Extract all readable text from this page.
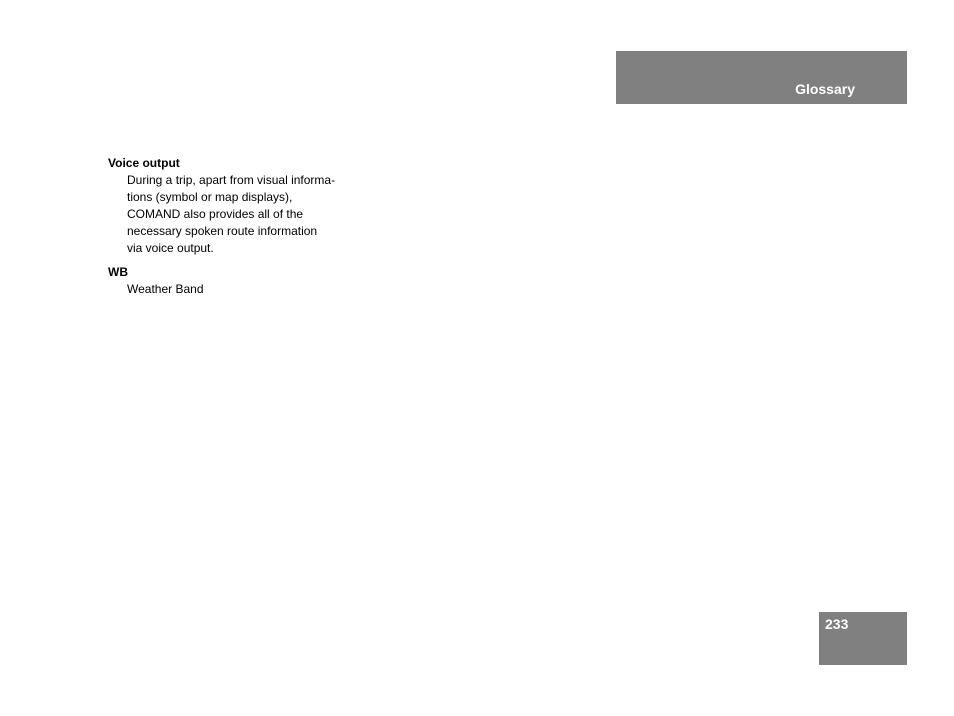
Glossary
Voice output
During a trip, apart from visual informa-
tions (symbol or map displays),
COMAND also provides all of the
necessary spoken route information
via voice output.
WB
Weather Band
233
